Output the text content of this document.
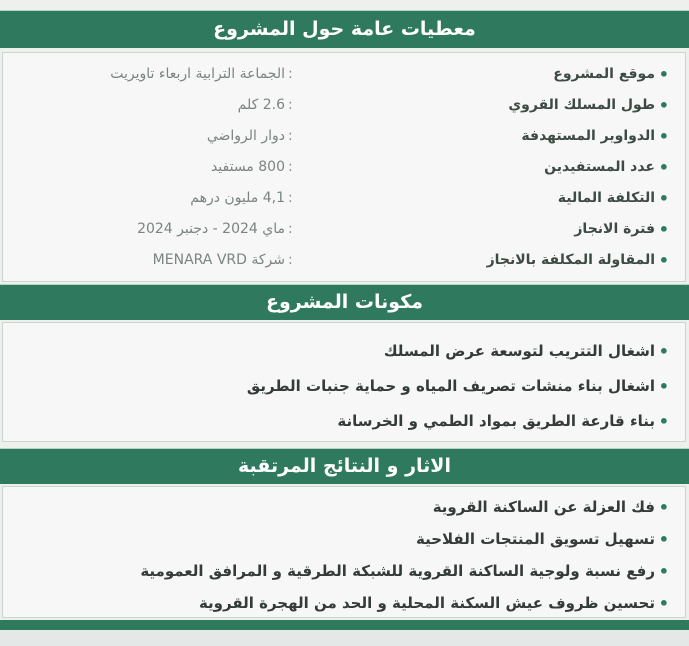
معطيات عامة حول المشروع
•
موقع المشروع
:
الجماعة الترابية اربعاء تاويريت
•
طول المسلك القروي
:
2.6 كلم
•
الدواوير المستهدفة
:
دوار الرواضي
•
عدد المستفيدين
:
800 مستفيد
•
التكلفة المالية
:
4,1 مليون درهم
•
فترة الانجاز
:
ماي 2024 - دجنبر 2024
•
المقاولة المكلفة بالانجاز
:
شركة MENARA VRD
مكونات المشروع
•
اشغال التتريب لتوسعة عرض المسلك
•
اشغال بناء منشات تصريف المياه و حماية جنبات الطريق
•
بناء قارعة الطريق بمواد الطمي و الخرسانة
الاثار و النتائج المرتقبة
•
فك العزلة عن الساكنة القروية
•
تسهيل تسويق المنتجات الفلاحية
•
رفع نسبة ولوجية الساكنة القروية للشبكة الطرقية و المرافق العمومية
•
تحسين ظروف عيش السكنة المحلية و الحد من الهجرة القروية
